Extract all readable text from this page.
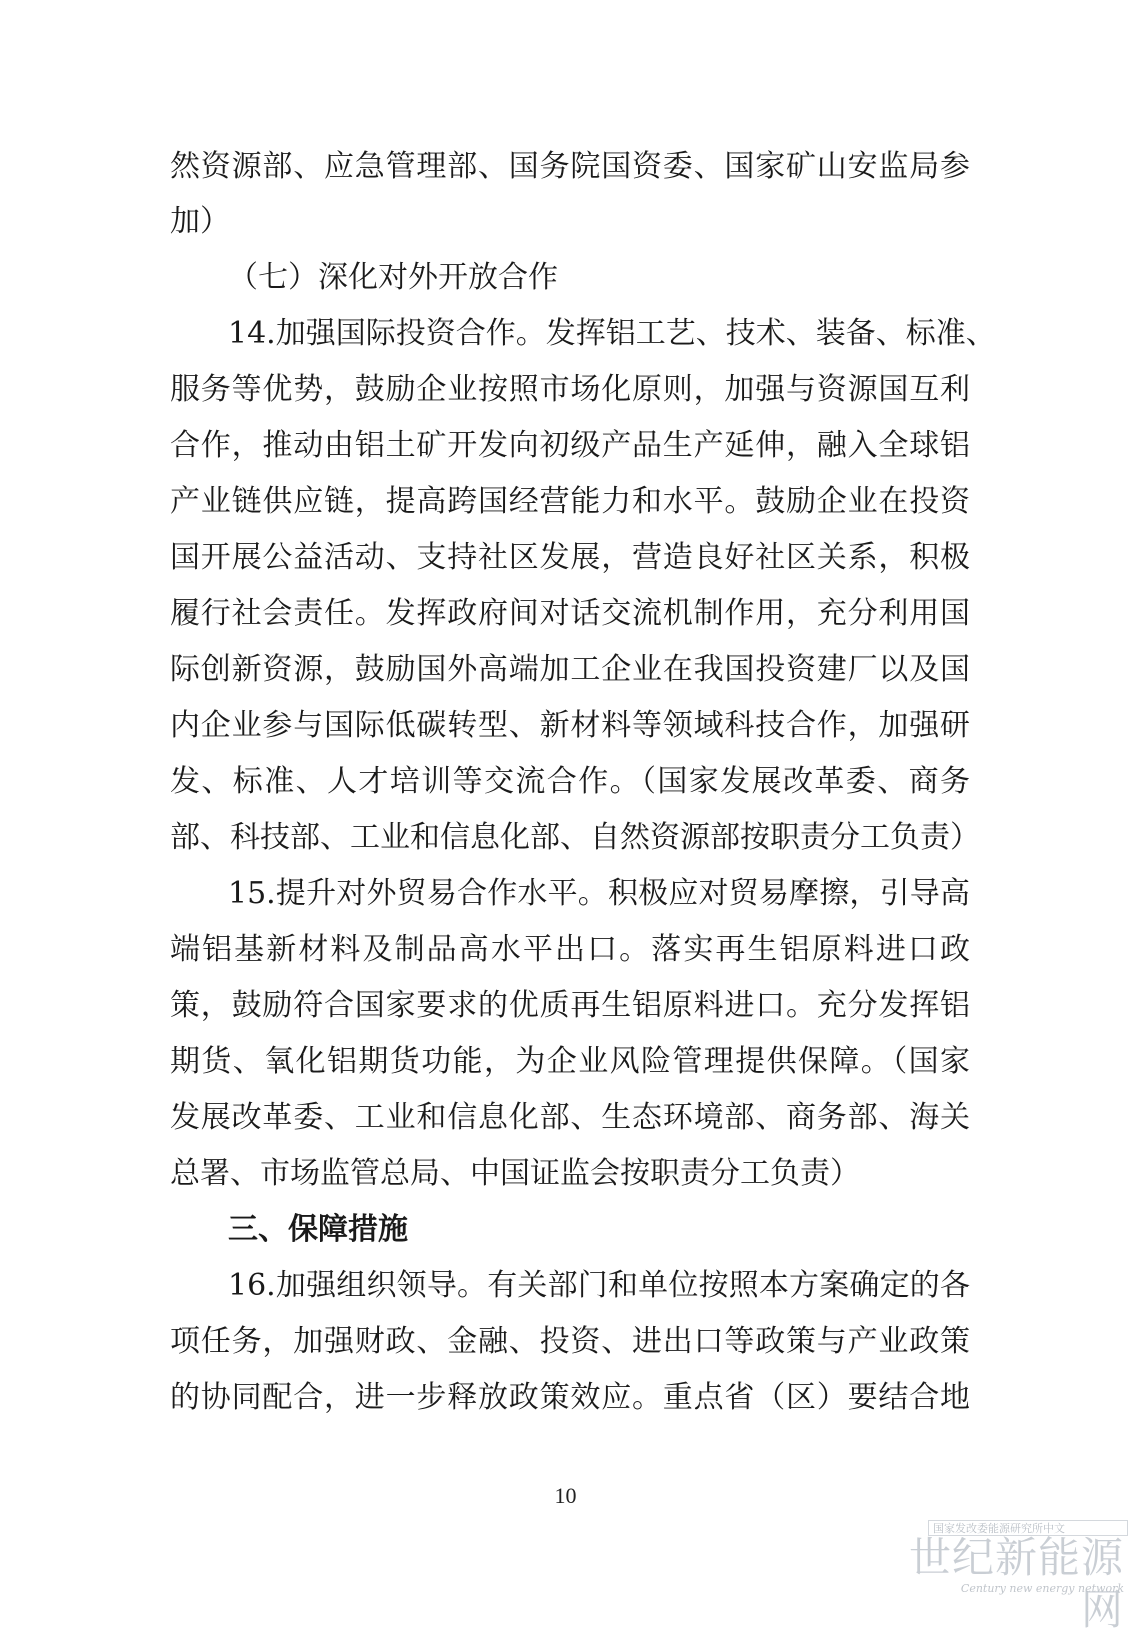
然资源部、应急管理部、国务院国资委、国家矿山安监局参
加）
（七）深化对外开放合作
14.加强国际投资合作。发挥铝工艺、技术、装备、标准、
服务等优势，鼓励企业按照市场化原则，加强与资源国互利
合作，推动由铝土矿开发向初级产品生产延伸，融入全球铝
产业链供应链，提高跨国经营能力和水平。鼓励企业在投资
国开展公益活动、支持社区发展，营造良好社区关系，积极
履行社会责任。发挥政府间对话交流机制作用，充分利用国
际创新资源，鼓励国外高端加工企业在我国投资建厂以及国
内企业参与国际低碳转型、新材料等领域科技合作，加强研
发、标准、人才培训等交流合作。（国家发展改革委、商务
部、科技部、工业和信息化部、自然资源部按职责分工负责）
15.提升对外贸易合作水平。积极应对贸易摩擦，引导高
端铝基新材料及制品高水平出口。落实再生铝原料进口政
策，鼓励符合国家要求的优质再生铝原料进口。充分发挥铝
期货、氧化铝期货功能，为企业风险管理提供保障。（国家
发展改革委、工业和信息化部、生态环境部、商务部、海关
总署、市场监管总局、中国证监会按职责分工负责）
三、保障措施
16.加强组织领导。有关部门和单位按照本方案确定的各
项任务，加强财政、金融、投资、进出口等政策与产业政策
的协同配合，进一步释放政策效应。重点省（区）要结合地
10
国家发改委能源研究所中文
世纪新能源网
Century new energy network
